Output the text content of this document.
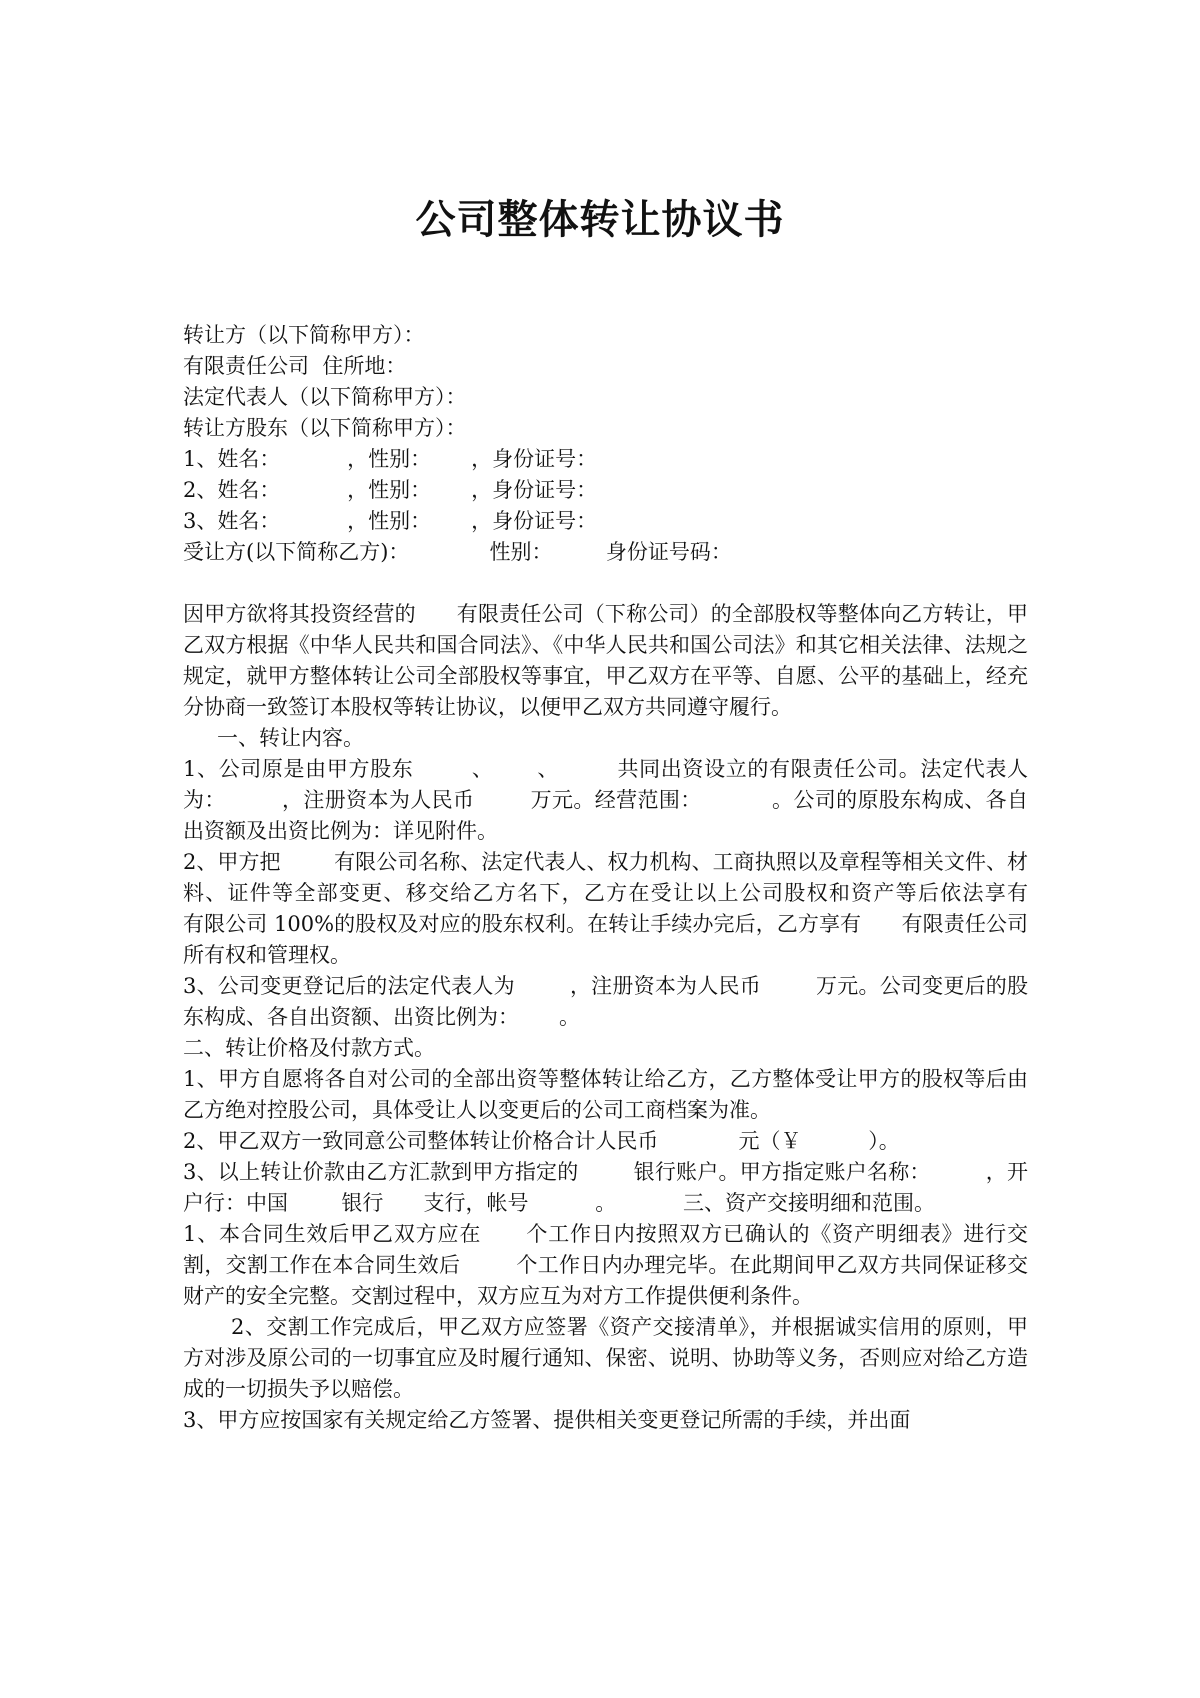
公司整体转让协议书
转让方（以下简称甲方）：
有限责任公司  住所地：
法定代表人（以下简称甲方）：
转让方股东（以下简称甲方）：
1、姓名：          ，性别：      ，身份证号：
2、姓名：          ，性别：      ，身份证号：
3、姓名：          ，性别：      ，身份证号：
受让方(以下简称乙方)：            性别：        身份证号码：

因甲方欲将其投资经营的      有限责任公司（下称公司）的全部股权等整体向乙方转让，甲乙双方根据《中华人民共和国合同法》、《中华人民共和国公司法》和其它相关法律、法规之规定，就甲方整体转让公司全部股权等事宜，甲乙双方在平等、自愿、公平的基础上，经充分协商一致签订本股权等转让协议，以便甲乙双方共同遵守履行。

一、转让内容。

1、公司原是由甲方股东        、      、        共同出资设立的有限责任公司。法定代表人为：        ，注册资本为人民币        万元。经营范围：          。公司的原股东构成、各自出资额及出资比例为：详见附件。

2、甲方把        有限公司名称、法定代表人、权力机构、工商执照以及章程等相关文件、材料、证件等全部变更、移交给乙方名下，乙方在受让以上公司股权和资产等后依法享有      有限公司 100%的股权及对应的股东权利。在转让手续办完后，乙方享有      有限责任公司所有权和管理权。

3、公司变更登记后的法定代表人为        ，注册资本为人民币        万元。公司变更后的股东构成、各自出资额、出资比例为：      。

二、转让价格及付款方式。

1、甲方自愿将各自对公司的全部出资等整体转让给乙方，乙方整体受让甲方的股权等后由乙方绝对控股公司，具体受让人以变更后的公司工商档案为准。

2、甲乙双方一致同意公司整体转让价格合计人民币            元（￥          ）。

3、以上转让价款由乙方汇款到甲方指定的        银行账户。甲方指定账户名称：        ，开户行：中国        银行      支行，帐号          。          三、资产交接明细和范围。

1、本合同生效后甲乙双方应在      个工作日内按照双方已确认的《资产明细表》进行交割，交割工作在本合同生效后        个工作日内办理完毕。在此期间甲乙双方共同保证移交财产的安全完整。交割过程中，双方应互为对方工作提供便利条件。

2、交割工作完成后，甲乙双方应签署《资产交接清单》，并根据诚实信用的原则，甲方对涉及原公司的一切事宜应及时履行通知、保密、说明、协助等义务，否则应对给乙方造成的一切损失予以赔偿。

3、甲方应按国家有关规定给乙方签署、提供相关变更登记所需的手续，并出面
